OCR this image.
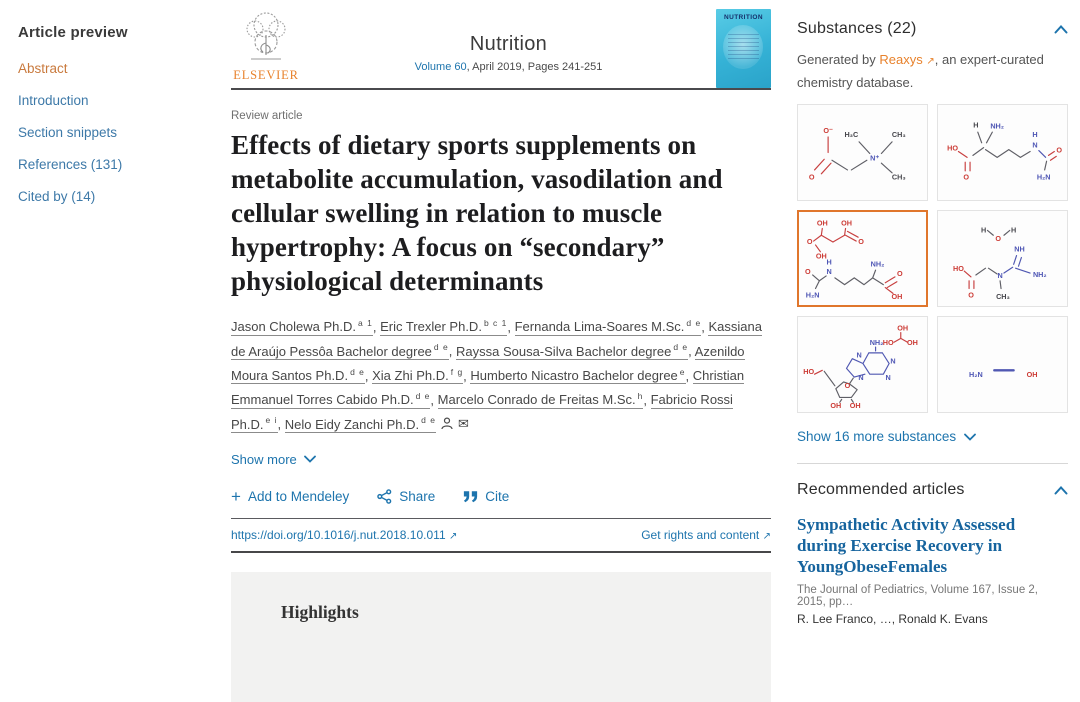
Article preview
Abstract
Introduction
Section snippets
References (131)
Cited by (14)
ELSEVIER
Nutrition
Volume 60, April 2019, Pages 241-251
NUTRITION
Review article
Effects of dietary sports supplements on metabolite accumulation, vasodilation and cellular swelling in relation to muscle hypertrophy: A focus on “secondary” physiological determinants

Jason Cholewa Ph.D. $^{a 1}$, Eric Trexler Ph.D. $^{b c 1}$, Fernanda Lima-Soares M.Sc. $^{d e}$, Kassiana de Araújo Pessôa Bachelor degree $^{d e}$, Rayssa Sousa-Silva Bachelor degree $^{d e}$, Azenildo Moura Santos Ph.D. $^{d e}$, Xia Zhi Ph.D. $^{f g}$, Humberto Nicastro Bachelor degree $^e$, Christian Emmanuel Torres Cabido Ph.D. $^{d e}$, Marcelo Conrado de Freitas M.Sc. $^h$, Fabricio Rossi Ph.D. $^{e i}$, Nelo Eidy Zanchi Ph.D. $^{d e}$ ✉

Show more
+ Add to Mendeley	Share	Cite
https://doi.org/10.1016/j.nut.2018.10.011 ↗	Get rights and content ↗
Highlights
Substances (22)

Generated by Reaxys ↗, an expert-curated chemistry database.

O⁻
O
H₃C	CH₃
N⁺
CH₃
H NH₂
HO
O
H
N
O
H₂N
O
OH OH
O
OH
O
H₂N
H
N
NH₂
O
OH
H
O
H
HO
O
N
CH₃
NH
NH₂
OH
HO OH
NH₂
N
N
N
N
HO
O
OH OH
H₂N	OH
Show 16 more substances
Recommended articles
Sympathetic Activity Assessed during Exercise Recovery in YoungObeseFemales
The Journal of Pediatrics, Volume 167, Issue 2, 2015, pp…
R. Lee Franco, …, Ronald K. Evans
